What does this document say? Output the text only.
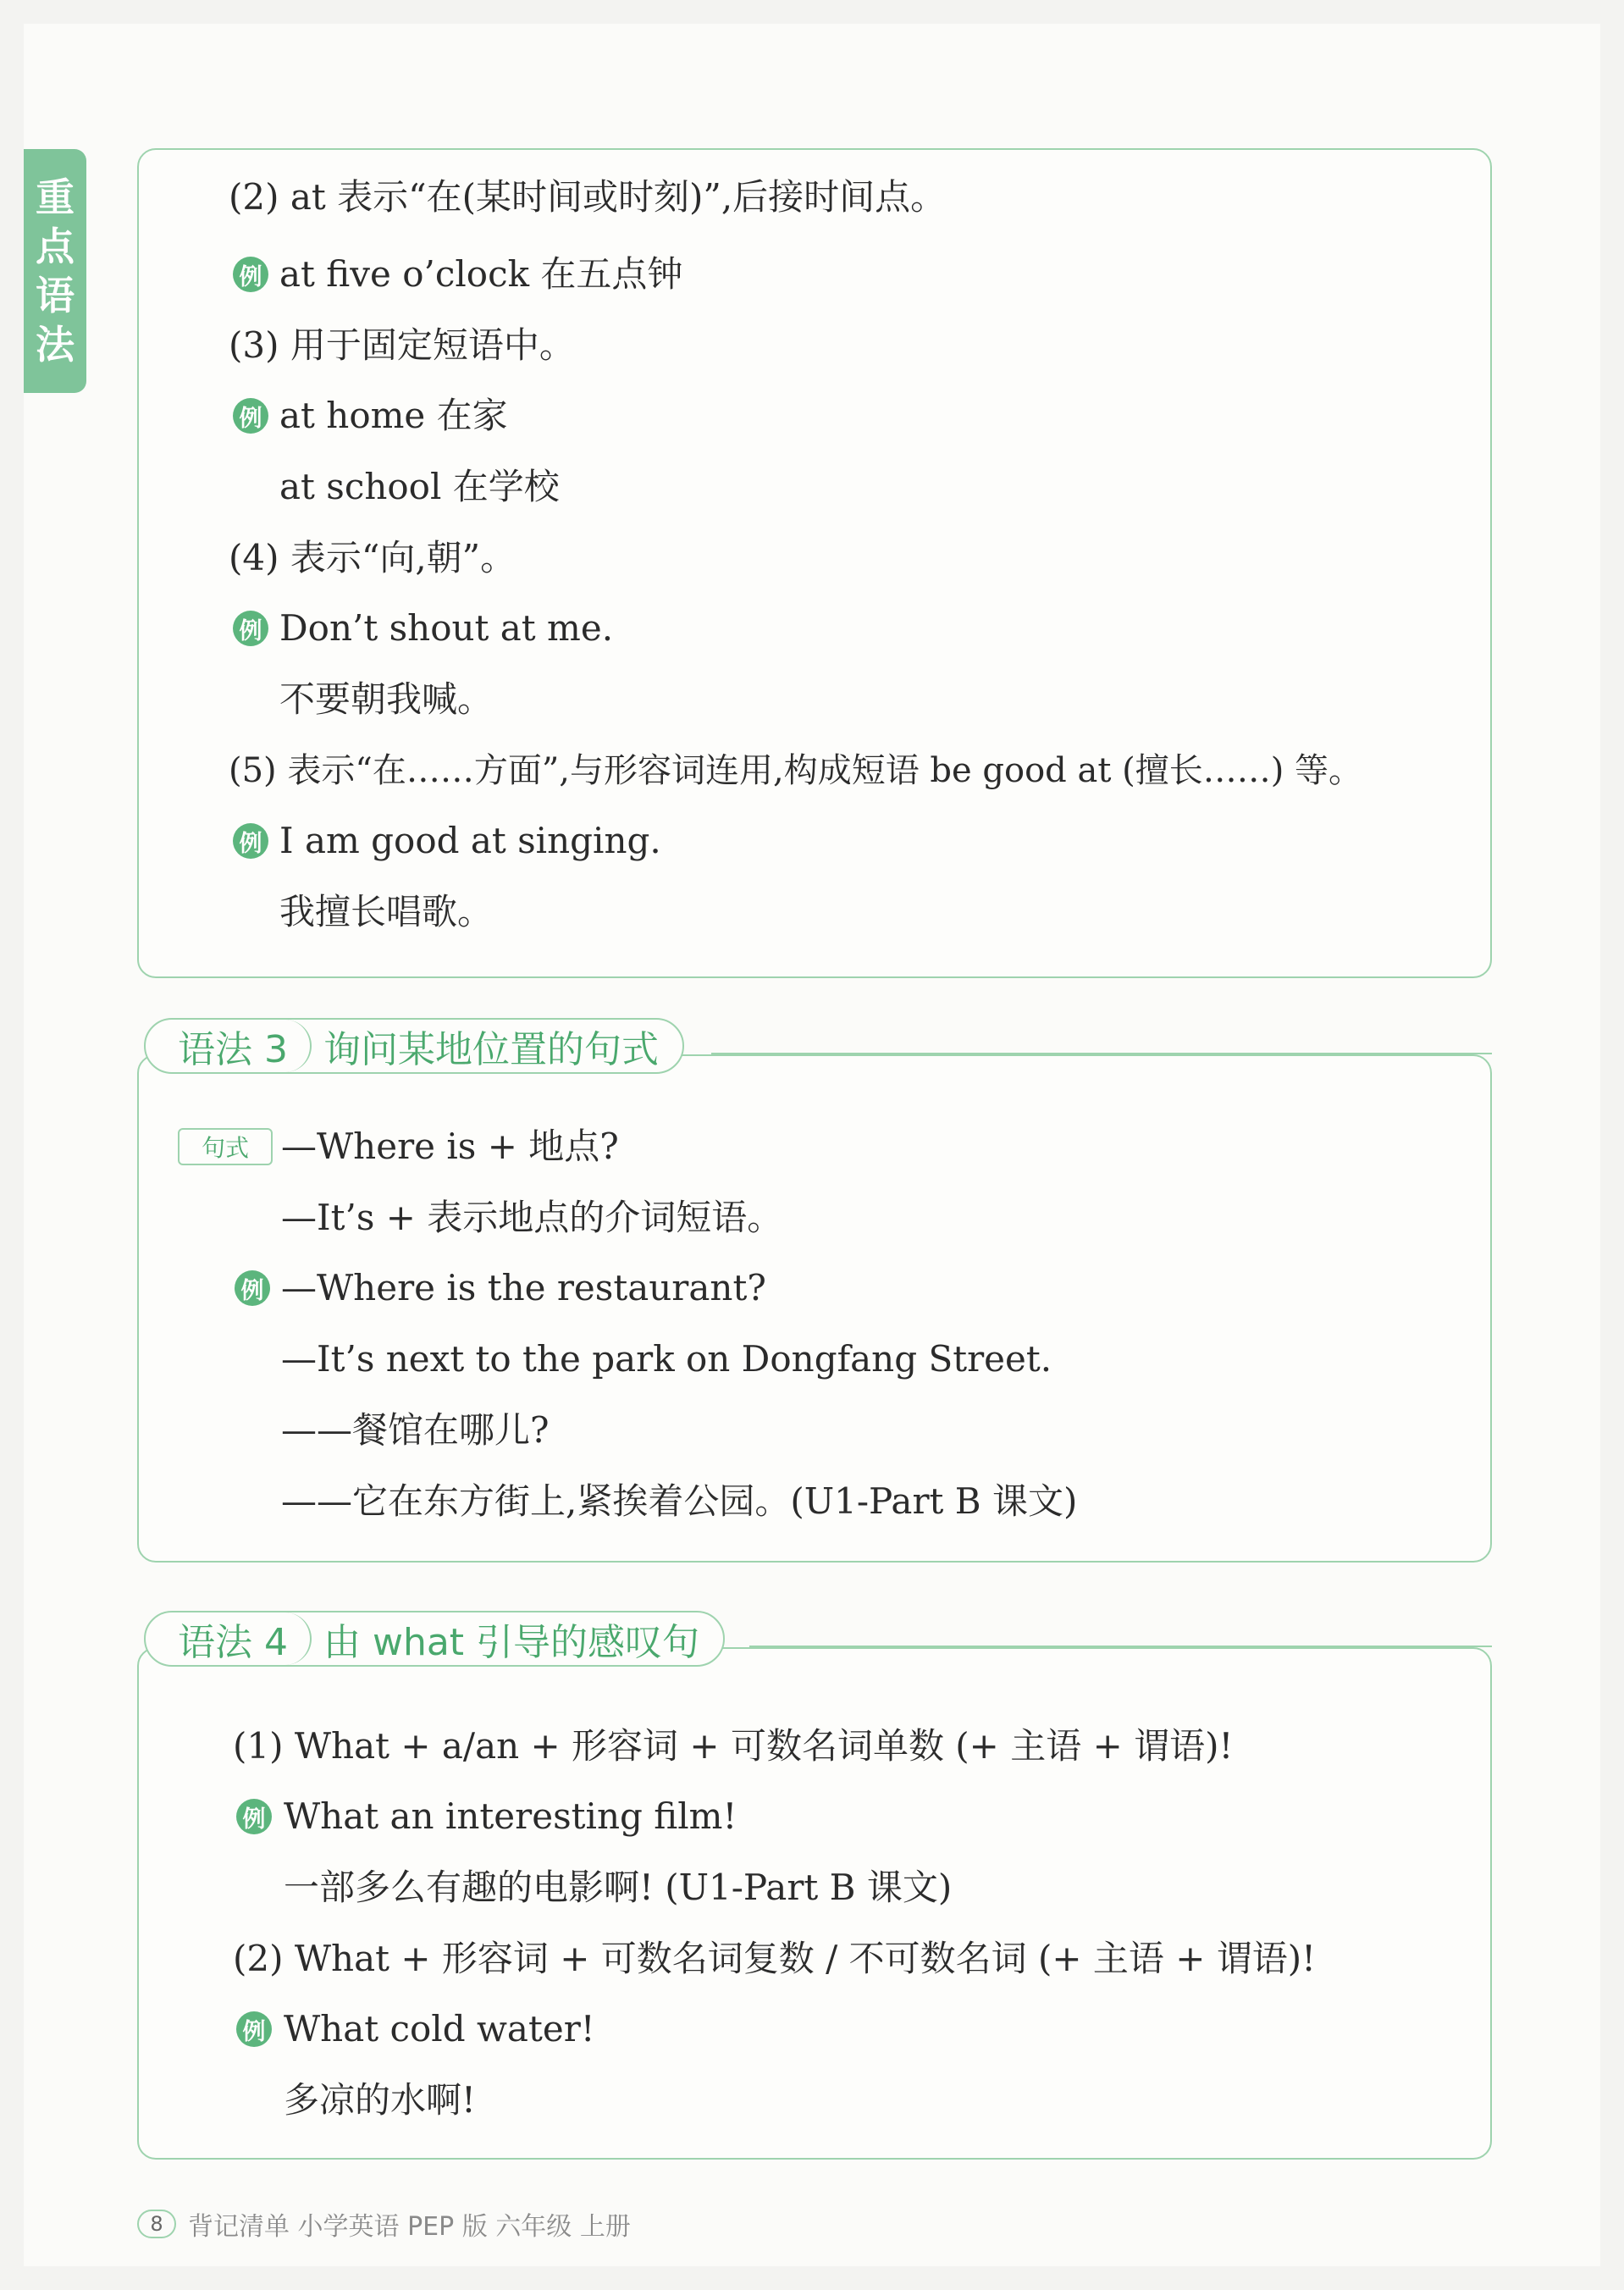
重
点
语
法
(2) at 表示“在(某时间或时刻)”,后接时间点。
例 at five o’clock 在五点钟
(3) 用于固定短语中。
例 at home 在家
at school 在学校
(4) 表示“向,朝”。
例 Don’t shout at me.
不要朝我喊。
(5) 表示“在……方面”,与形容词连用,构成短语 be good at (擅长……) 等。
例 I am good at singing.
我擅长唱歌。
语法 3 询问某地位置的句式
句式 —Where is + 地点?
—It’s + 表示地点的介词短语。
例 —Where is the restaurant?
—It’s next to the park on Dongfang Street.
——餐馆在哪儿?
——它在东方街上,紧挨着公园。(U1-Part B 课文)
语法 4 由 what 引导的感叹句
(1) What + a/an + 形容词 + 可数名词单数 (+ 主语 + 谓语)!
例 What an interesting film!
一部多么有趣的电影啊! (U1-Part B 课文)
(2) What + 形容词 + 可数名词复数 / 不可数名词 (+ 主语 + 谓语)!
例 What cold water!
多凉的水啊!
8 背记清单 小学英语 PEP 版 六年级 上册
